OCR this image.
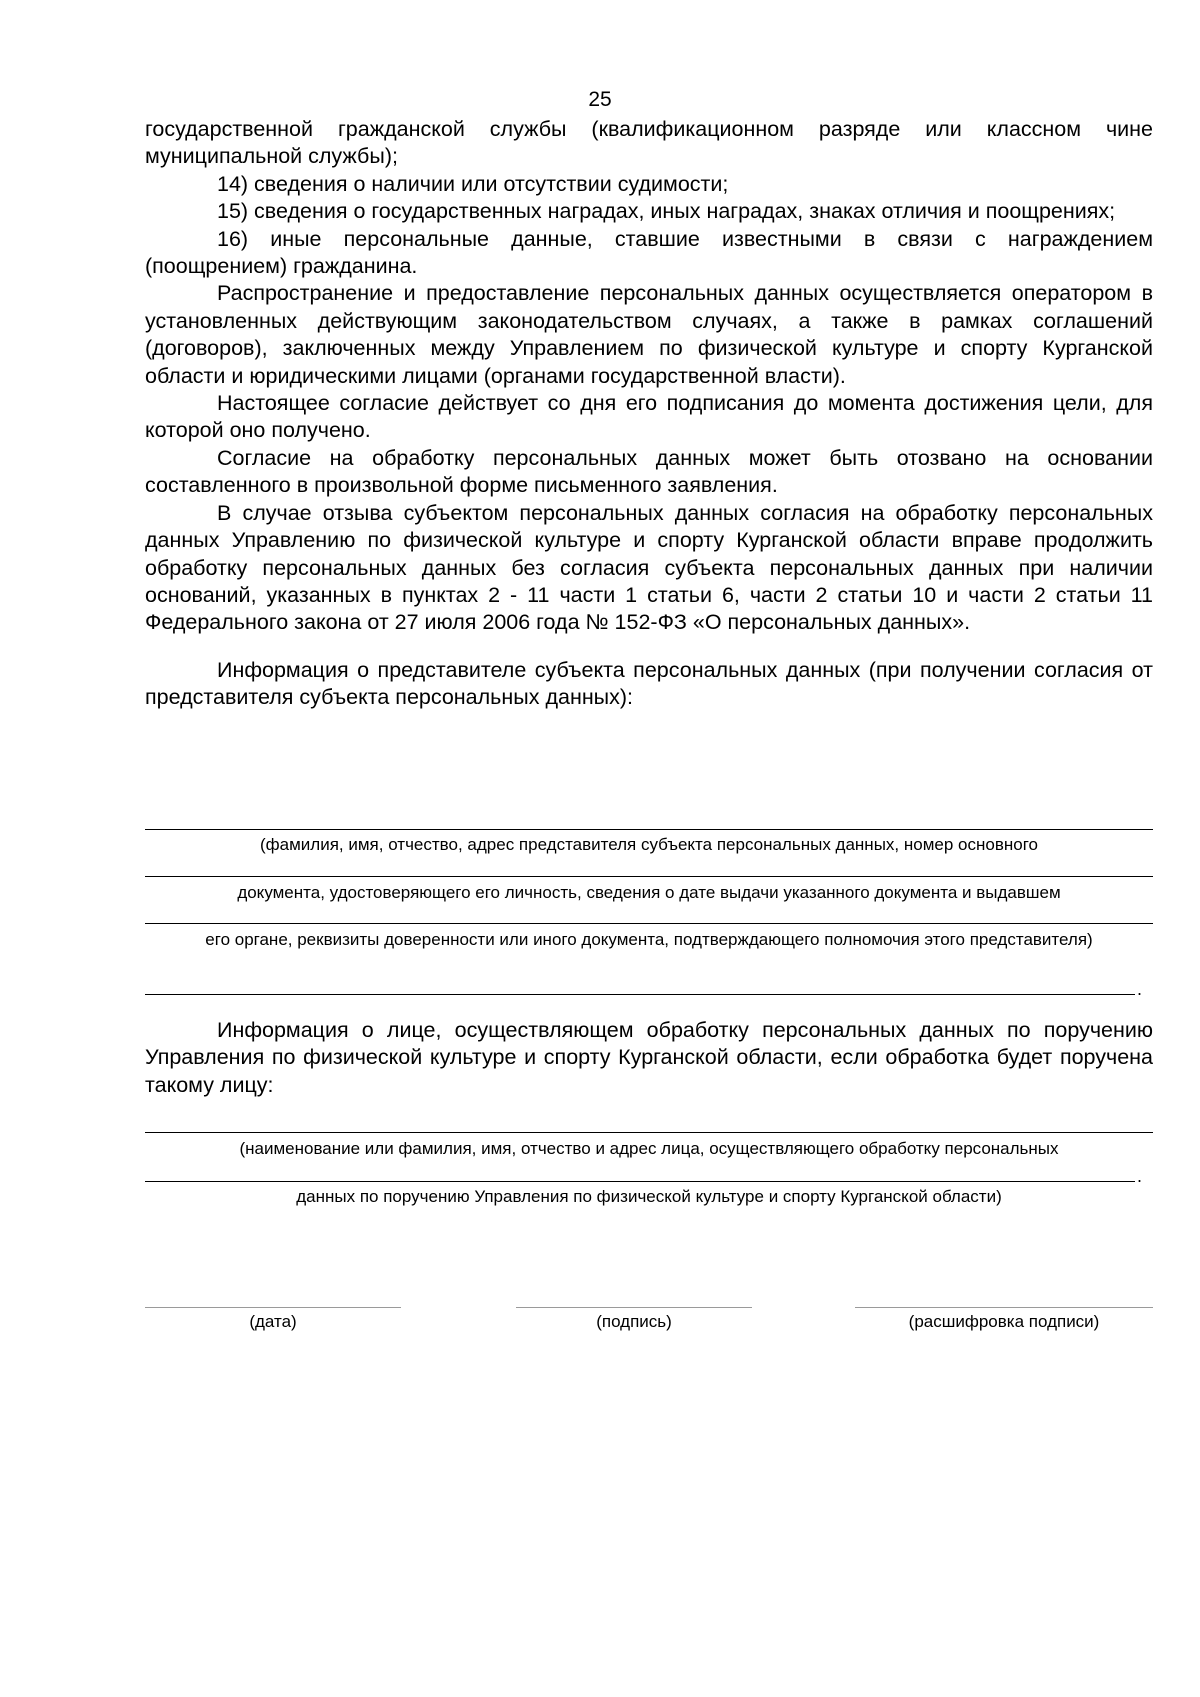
25

государственной гражданской службы (квалификационном разряде или классном чине муниципальной службы);

14) сведения о наличии или отсутствии судимости;

15) сведения о государственных наградах, иных наградах, знаках отличия и поощрениях;

16) иные персональные данные, ставшие известными в связи с награждением (поощрением) гражданина.

Распространение и предоставление персональных данных осуществляется оператором в установленных действующим законодательством случаях, а также в рамках соглашений (договоров), заключенных между Управлением по физической культуре и спорту Курганской области и юридическими лицами (органами государственной власти).

Настоящее согласие действует со дня его подписания до момента достижения цели, для которой оно получено.

Согласие на обработку персональных данных может быть отозвано на основании составленного в произвольной форме письменного заявления.

В случае отзыва субъектом персональных данных согласия на обработку персональных данных Управлению по физической культуре и спорту Курганской области вправе продолжить обработку персональных данных без согласия субъекта персональных данных при наличии оснований, указанных в пунктах 2 - 11 части 1 статьи 6, части 2 статьи 10 и части 2 статьи 11 Федерального закона от 27 июля 2006 года № 152-ФЗ «О персональных данных».

Информация о представителе субъекта персональных данных (при получении согласия от представителя субъекта персональных данных):

(фамилия, имя, отчество, адрес представителя субъекта персональных данных, номер основного
документа, удостоверяющего его личность, сведения о дате выдачи указанного документа и выдавшем
его органе, реквизиты доверенности или иного документа, подтверждающего полномочия этого представителя)
.

Информация о лице, осуществляющем обработку персональных данных по поручению Управления по физической культуре и спорту Курганской области, если обработка будет поручена такому лицу:

(наименование или фамилия, имя, отчество и адрес лица, осуществляющего обработку персональных
.
данных по поручению Управления по физической культуре и спорту Курганской области)
(дата)	(подпись)	(расшифровка подписи)
